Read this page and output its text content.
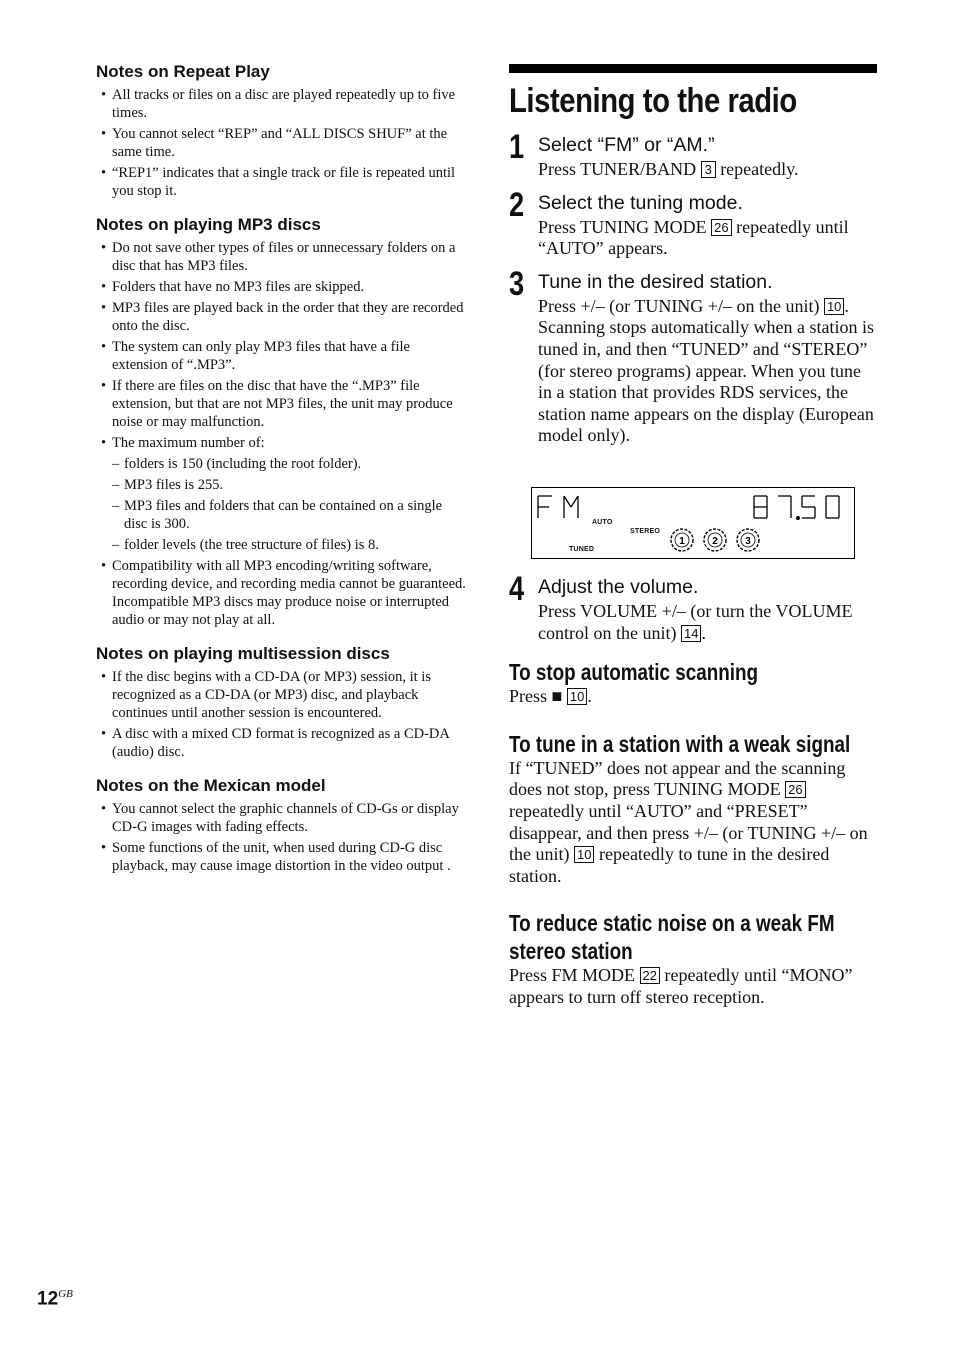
Notes on Repeat Play
• All tracks or files on a disc are played repeatedly up to five times.
• You cannot select “REP” and “ALL DISCS SHUF” at the same time.
• “REP1” indicates that a single track or file is repeated until you stop it.
Notes on playing MP3 discs
• Do not save other types of files or unnecessary folders on a disc that has MP3 files.
• Folders that have no MP3 files are skipped.
• MP3 files are played back in the order that they are recorded onto the disc.
• The system can only play MP3 files that have a file extension of “.MP3”.
• If there are files on the disc that have the “.MP3” file extension, but that are not MP3 files, the unit may produce noise or may malfunction.
• The maximum number of:
– folders is 150 (including the root folder).
– MP3 files is 255.
– MP3 files and folders that can be contained on a single disc is 300.
– folder levels (the tree structure of files) is 8.
• Compatibility with all MP3 encoding/writing software, recording device, and recording media cannot be guaranteed. Incompatible MP3 discs may produce noise or interrupted audio or may not play at all.
Notes on playing multisession discs
• If the disc begins with a CD-DA (or MP3) session, it is recognized as a CD-DA (or MP3) disc, and playback continues until another session is encountered.
• A disc with a mixed CD format is recognized as a CD-DA (audio) disc.
Notes on the Mexican model
• You cannot select the graphic channels of CD-Gs or display CD-G images with fading effects.
• Some functions of the unit, when used during CD-G disc playback, may cause image distortion in the video output .
Listening to the radio
1 Select “FM” or “AM.”
Press TUNER/BAND 3 repeatedly.
2 Select the tuning mode.
Press TUNING MODE 26 repeatedly until “AUTO” appears.
3 Tune in the desired station.
Press +/– (or TUNING +/– on the unit) 10 . Scanning stops automatically when a station is tuned in, and then “TUNED” and “STEREO” (for stereo programs) appear. When you tune in a station that provides RDS services, the station name appears on the display (European model only).
4 Adjust the volume.
Press VOLUME +/– (or turn the VOLUME control on the unit) 14 .
To stop automatic scanning
Press ■ 10 .
To tune in a station with a weak signal
If “TUNED” does not appear and the scanning does not stop, press TUNING MODE 26 repeatedly until “AUTO” and “PRESET” disappear, and then press +/– (or TUNING +/– on the unit) 10 repeatedly to tune in the desired station.
To reduce static noise on a weak FM stereo station
Press FM MODE 22 repeatedly until “MONO” appears to turn off stereo reception.
1	2	3
AUTO
STEREO
TUNED
$12^{GB}$
